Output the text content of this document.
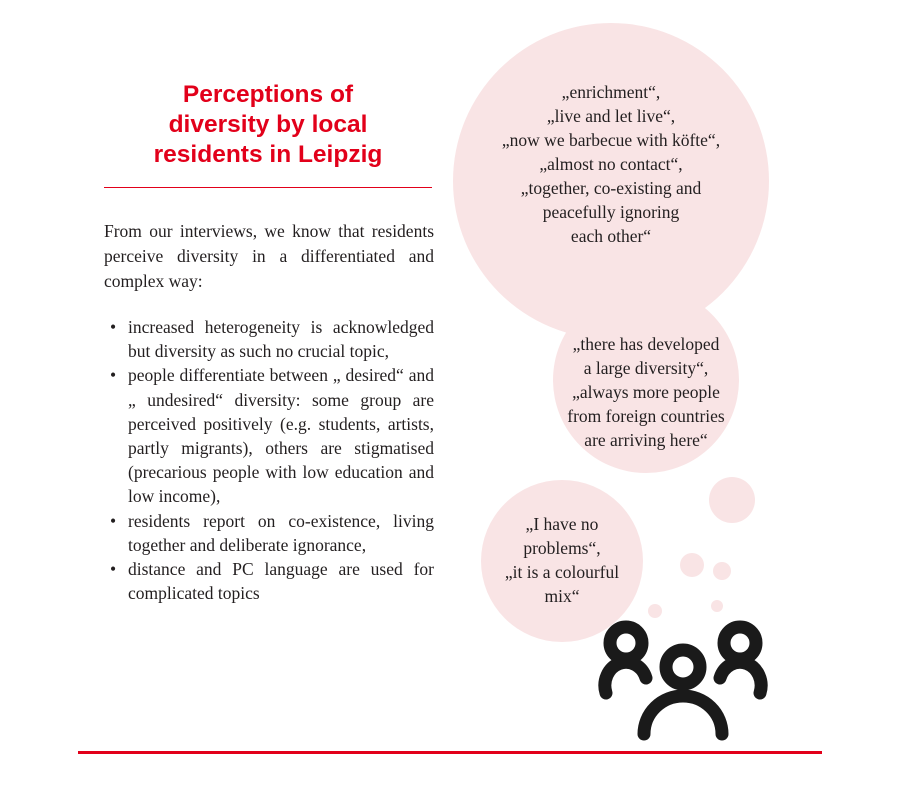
Perceptions of
diversity by local
residents in Leipzig

From our interviews, we know that residents perceive diversity in a differentiated and complex way:

• increased heterogeneity is acknowledged but diversity as such no crucial topic,
• people differentiate between „ desired“ and „ undesired“ diversity: some group are perceived positively (e.g. students, artists, partly migrants), others are stigmatised (precarious people with low education and low income),
• residents report on co-existence, living together and deliberate ignorance,
• distance and PC language are used for complicated topics
„enrichment“,
„live and let live“,
„now we barbecue with köfte“,
„almost no contact“,
„together, co-existing and
peacefully ignoring
each other“
„there has developed
a large diversity“,
„always more people
from foreign countries
are arriving here“
„I have no
problems“,
„it is a colourful
mix“
